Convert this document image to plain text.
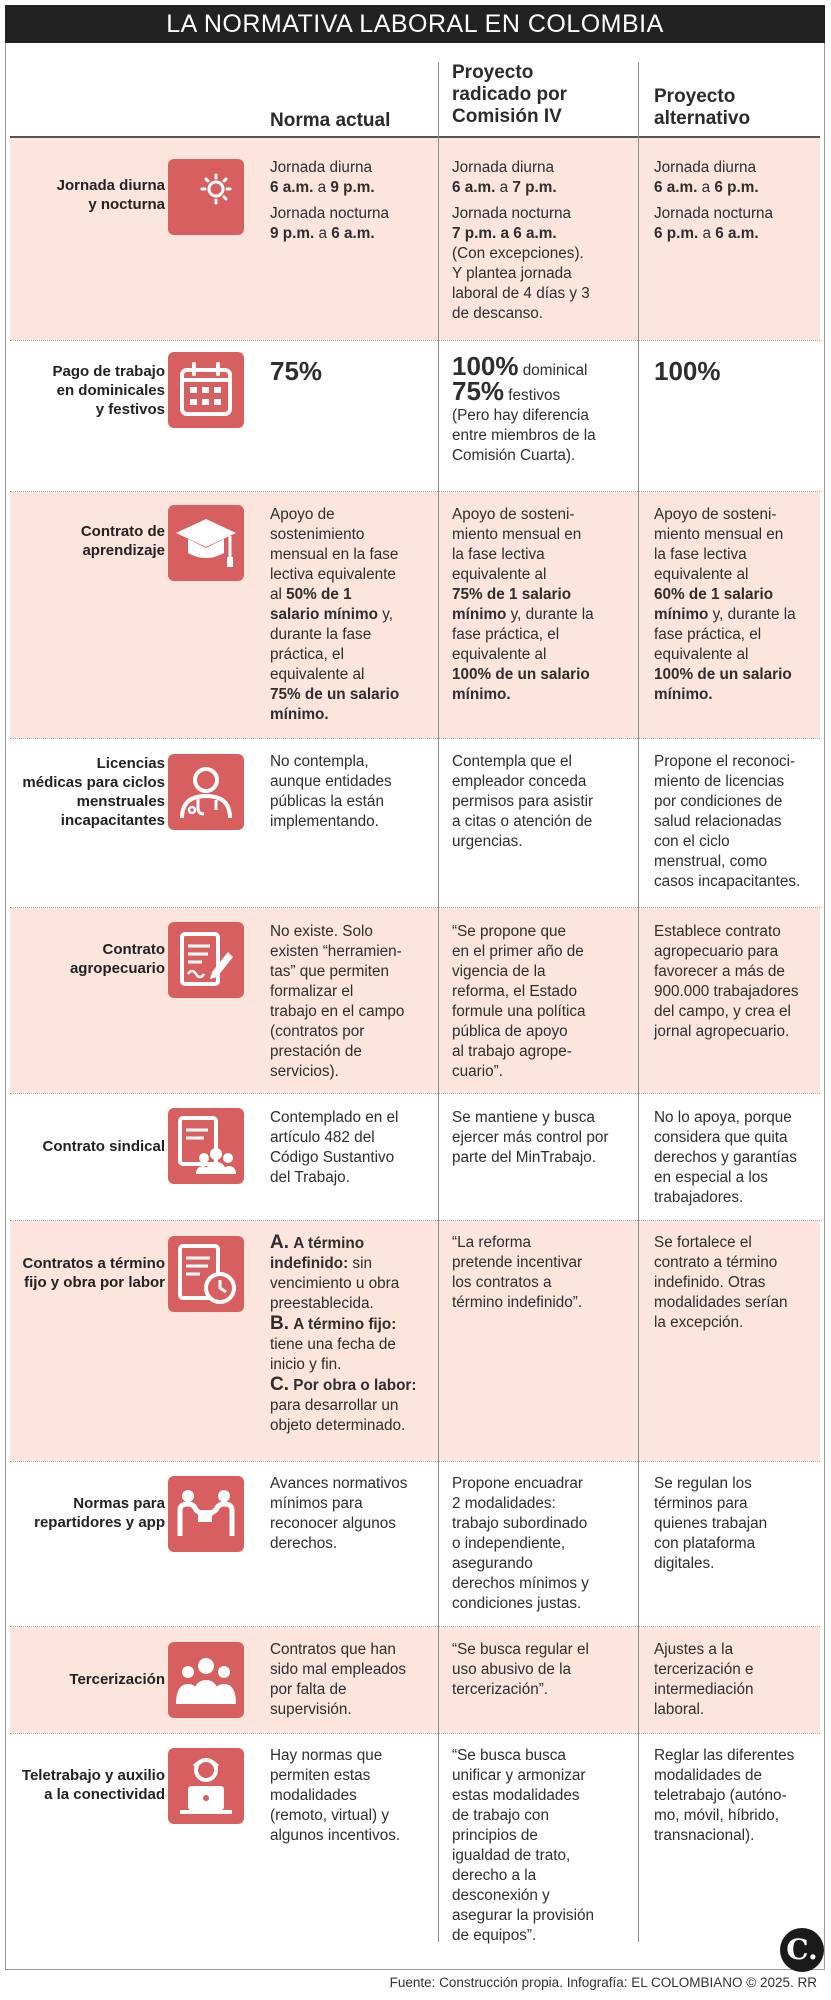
LA NORMATIVA LABORAL EN COLOMBIA
Norma actual
Proyecto
radicado por
Comisión IV
Proyecto
alternativo
Jornada diurna
y nocturna
Jornada diurna
6 a.m. a 9 p.m.
Jornada nocturna
9 p.m. a 6 a.m.
Jornada diurna
6 a.m. a 7 p.m.
Jornada nocturna
7 p.m. a 6 a.m.
(Con excepciones).
Y plantea jornada
laboral de 4 días y 3
de descanso.
Jornada diurna
6 a.m. a 6 p.m.
Jornada nocturna
6 p.m. a 6 a.m.
Pago de trabajo
en dominicales
y festivos
75%	100% dominical
75% festivos
(Pero hay diferencia
entre miembros de la
Comisión Cuarta).
100%
Contrato de
aprendizaje
Apoyo de
sostenimiento
mensual en la fase
lectiva equivalente
al 50% de 1
salario mínimo y,
durante la fase
práctica, el
equivalente al
75% de un salario
mínimo.
Apoyo de sosteni-
miento mensual en
la fase lectiva
equivalente al
75% de 1 salario
mínimo y, durante la
fase práctica, el
equivalente al
100% de un salario
mínimo.
Apoyo de sosteni-
miento mensual en
la fase lectiva
equivalente al
60% de 1 salario
mínimo y, durante la
fase práctica, el
equivalente al
100% de un salario
mínimo.
Licencias
médicas para ciclos
menstruales
incapacitantes
No contempla,
aunque entidades
públicas la están
implementando.
Contempla que el
empleador conceda
permisos para asistir
a citas o atención de
urgencias.
Propone el reconoci-
miento de licencias
por condiciones de
salud relacionadas
con el ciclo
menstrual, como
casos incapacitantes.
Contrato
agropecuario
No existe. Solo
existen “herramien-
tas” que permiten
formalizar el
trabajo en el campo
(contratos por
prestación de
servicios).
“Se propone que
en el primer año de
vigencia de la
reforma, el Estado
formule una política
pública de apoyo
al trabajo agrope-
cuario”.
Establece contrato
agropecuario para
favorecer a más de
900.000 trabajadores
del campo, y crea el
jornal agropecuario.
Contrato sindical
Contemplado en el
artículo 482 del
Código Sustantivo
del Trabajo.
Se mantiene y busca
ejercer más control por
parte del MinTrabajo.
No lo apoya, porque
considera que quita
derechos y garantías
en especial a los
trabajadores.
Contratos a término
fijo y obra por labor
A. A término
indefinido: sin
vencimiento u obra
preestablecida.
B. A término fijo:
tiene una fecha de
inicio y fin.
C. Por obra o labor:
para desarrollar un
objeto determinado.
“La reforma
pretende incentivar
los contratos a
término indefinido”.
Se fortalece el
contrato a término
indefinido. Otras
modalidades serían
la excepción.
Normas para
repartidores y app
Avances normativos
mínimos para
reconocer algunos
derechos.
Propone encuadrar
2 modalidades:
trabajo subordinado
o independiente,
asegurando
derechos mínimos y
condiciones justas.
Se regulan los
términos para
quienes trabajan
con plataforma
digitales.
Tercerización
Contratos que han
sido mal empleados
por falta de
supervisión.
“Se busca regular el
uso abusivo de la
tercerización”.
Ajustes a la
tercerización e
intermediación
laboral.
Teletrabajo y auxilio
a la conectividad
Hay normas que
permiten estas
modalidades
(remoto, virtual) y
algunos incentivos.
“Se busca busca
unificar y armonizar
estas modalidades
de trabajo con
principios de
igualdad de trato,
derecho a la
desconexión y
asegurar la provisión
de equipos”.
Reglar las diferentes
modalidades de
teletrabajo (autóno-
mo, móvil, híbrido,
transnacional).
C.
Fuente: Construcción propia. Infografía: EL COLOMBIANO © 2025. RR
